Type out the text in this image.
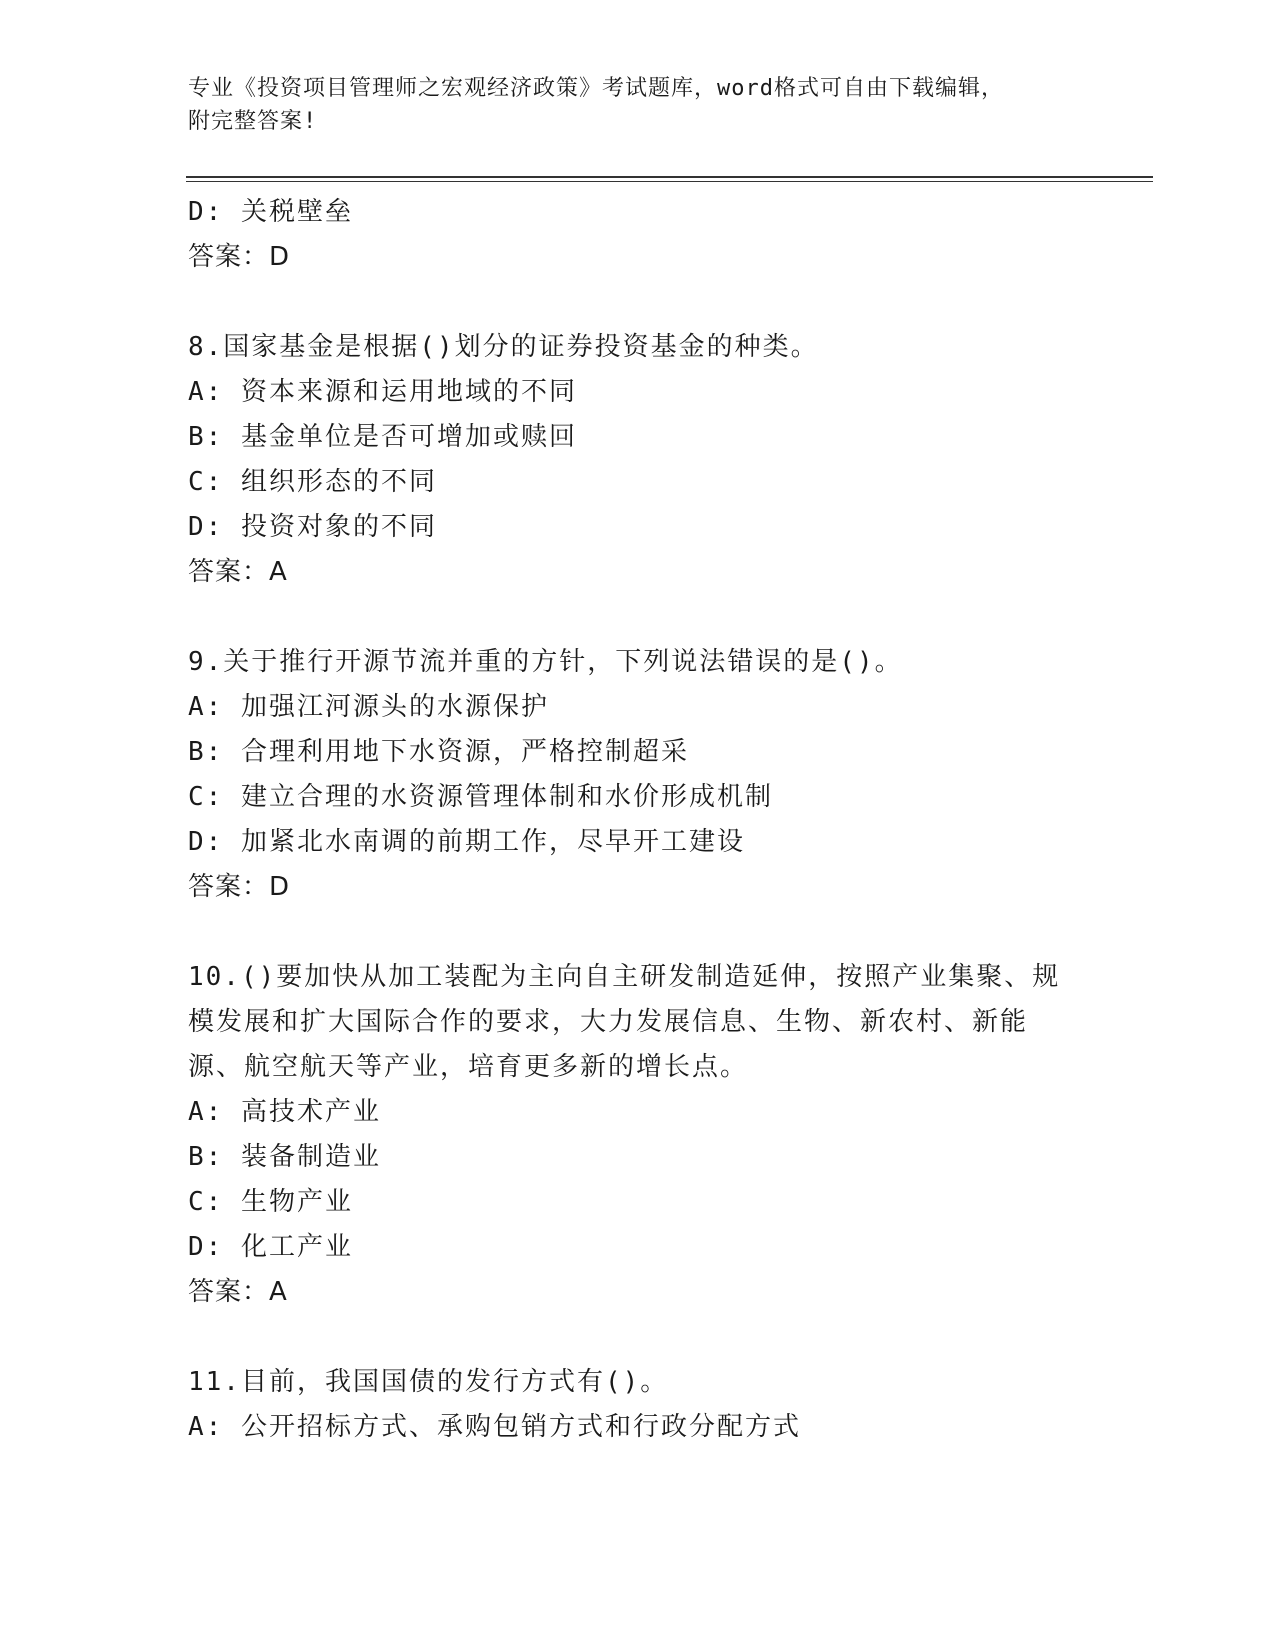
专业《投资项目管理师之宏观经济政策》考试题库，word格式可自由下载编辑，
附完整答案!
D: 关税壁垒
答案：D
8.国家基金是根据()划分的证券投资基金的种类。
A: 资本来源和运用地域的不同
B: 基金单位是否可增加或赎回
C: 组织形态的不同
D: 投资对象的不同
答案：A
9.关于推行开源节流并重的方针，下列说法错误的是()。
A: 加强江河源头的水源保护
B: 合理利用地下水资源，严格控制超采
C: 建立合理的水资源管理体制和水价形成机制
D: 加紧北水南调的前期工作，尽早开工建设
答案：D
10.()要加快从加工装配为主向自主研发制造延伸，按照产业集聚、规
模发展和扩大国际合作的要求，大力发展信息、生物、新农村、新能
源、航空航天等产业，培育更多新的增长点。
A: 高技术产业
B: 装备制造业
C: 生物产业
D: 化工产业
答案：A
11.目前，我国国债的发行方式有()。
A: 公开招标方式、承购包销方式和行政分配方式
